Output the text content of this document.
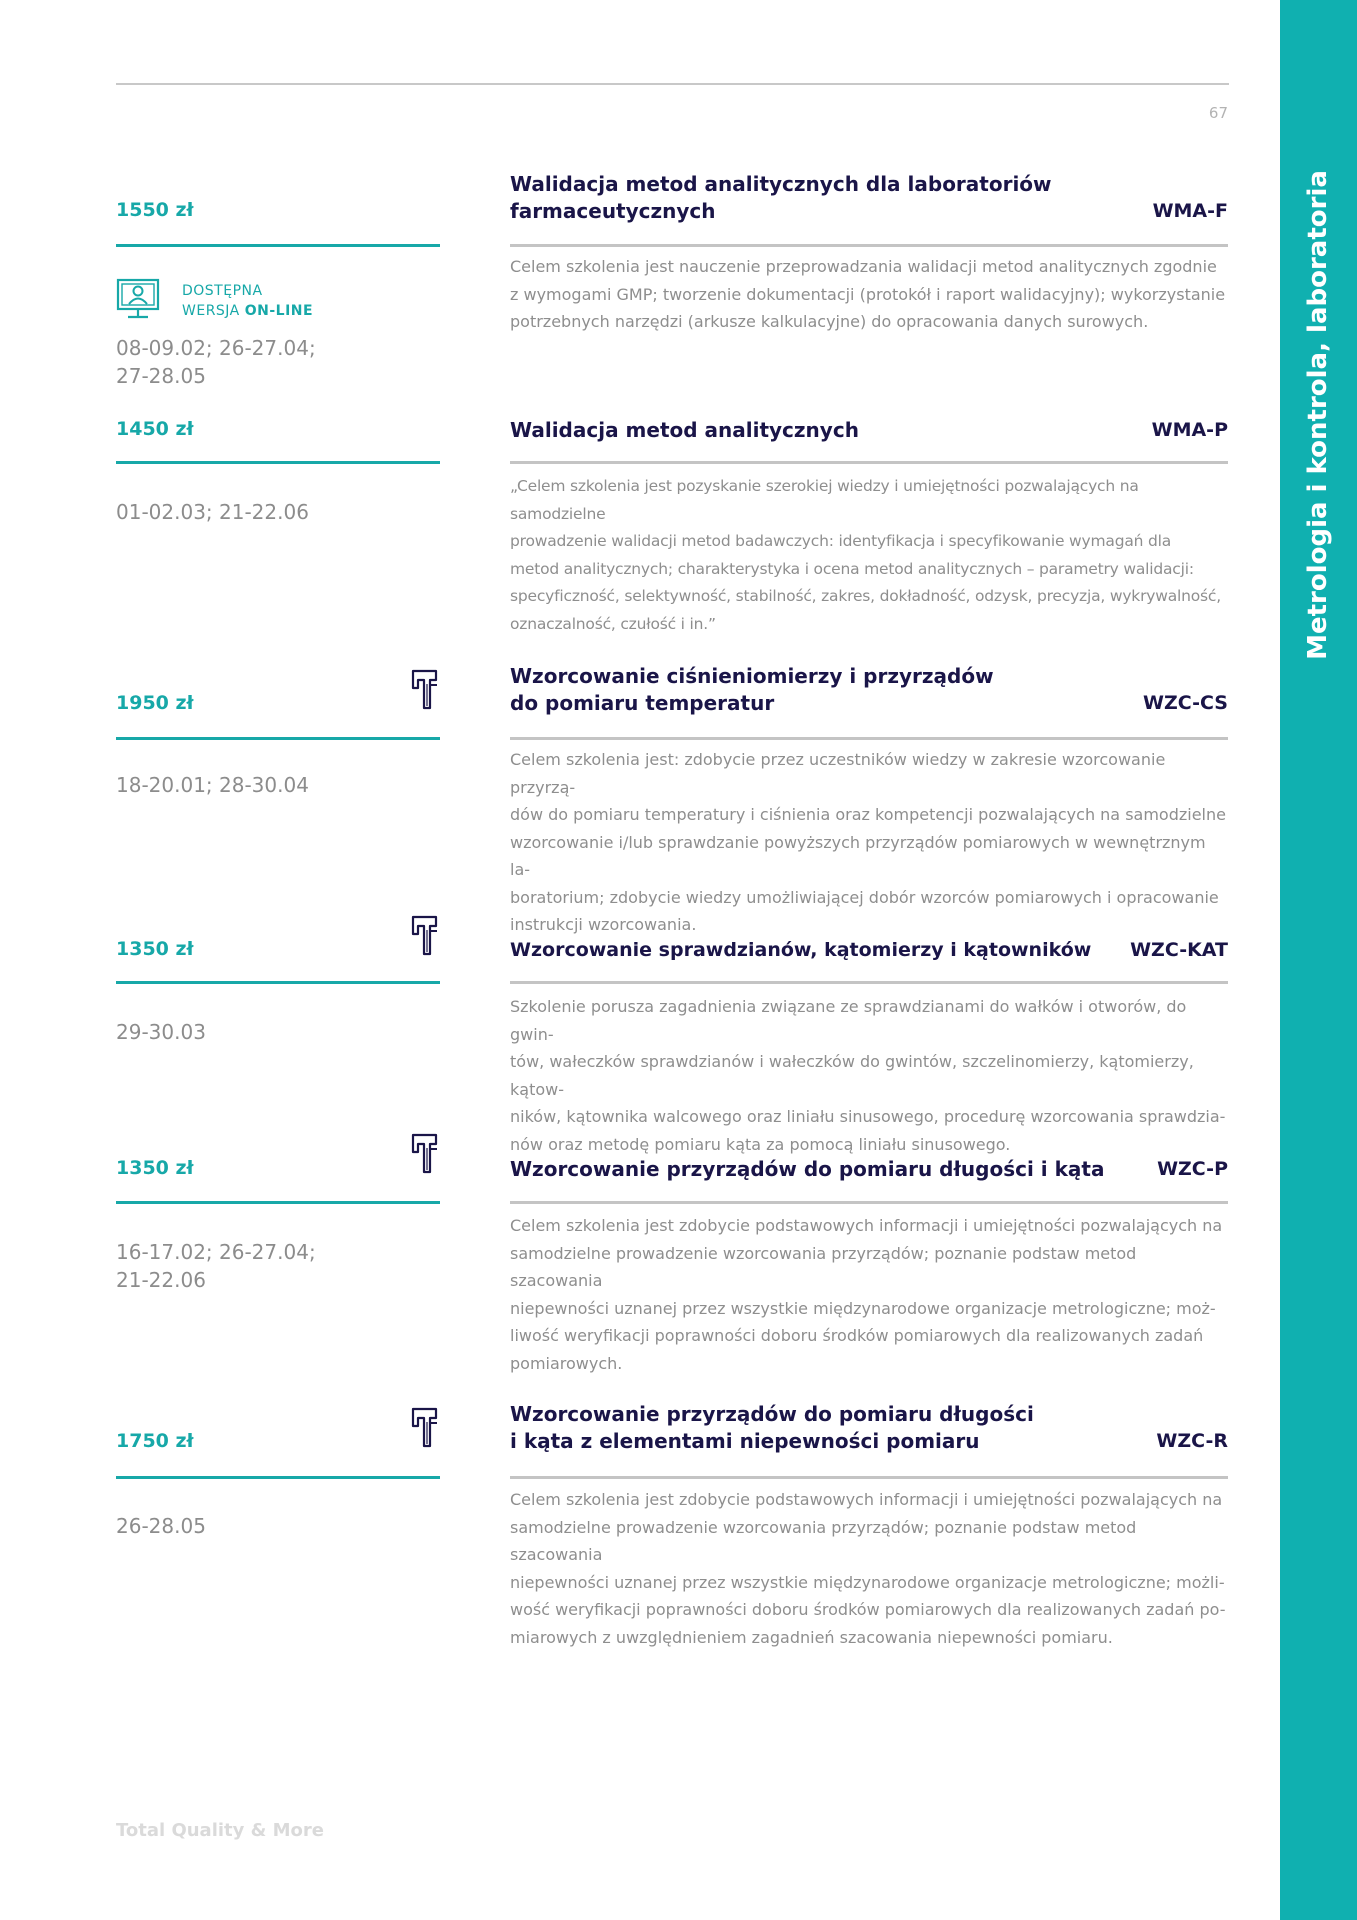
67
Metrologia i kontrola, laboratoria
1550 zł
Walidacja metod analitycznych dla laboratoriów
farmaceutycznych	WMA-F
Celem szkolenia jest nauczenie przeprowadzania walidacji metod analitycznych zgodnie
z wymogami GMP; tworzenie dokumentacji (protokół i raport walidacyjny); wykorzystanie
potrzebnych narzędzi (arkusze kalkulacyjne) do opracowania danych surowych.
DOSTĘPNA
WERSJA ON-LINE
08-09.02; 26-27.04;
27-28.05
1450 zł	Walidacja metod analitycznych	WMA-P
„Celem szkolenia jest pozyskanie szerokiej wiedzy i umiejętności pozwalających na samodzielne
prowadzenie walidacji metod badawczych: identyfikacja i specyfikowanie wymagań dla
metod analitycznych; charakterystyka i ocena metod analitycznych – parametry walidacji:
specyficzność, selektywność, stabilność, zakres, dokładność, odzysk, precyzja, wykrywalność,
oznaczalność, czułość i in.”
01-02.03; 21-22.06
1950 zł
Wzorcowanie ciśnieniomierzy i przyrządów
do pomiaru temperatur	WZC-CS
Celem szkolenia jest: zdobycie przez uczestników wiedzy w zakresie wzorcowanie przyrzą-
dów do pomiaru temperatury i ciśnienia oraz kompetencji pozwalających na samodzielne
wzorcowanie i/lub sprawdzanie powyższych przyrządów pomiarowych w wewnętrznym la-
boratorium; zdobycie wiedzy umożliwiającej dobór wzorców pomiarowych i opracowanie
instrukcji wzorcowania.
18-20.01; 28-30.04
1350 zł	Wzorcowanie sprawdzianów, kątomierzy i kątowników	WZC-KAT
Szkolenie porusza zagadnienia związane ze sprawdzianami do wałków i otworów, do gwin-
tów, wałeczków sprawdzianów i wałeczków do gwintów, szczelinomierzy, kątomierzy, kątow-
ników, kątownika walcowego oraz liniału sinusowego, procedurę wzorcowania sprawdzia-
nów oraz metodę pomiaru kąta za pomocą liniału sinusowego.
29-30.03
1350 zł	Wzorcowanie przyrządów do pomiaru długości i kąta	WZC-P
Celem szkolenia jest zdobycie podstawowych informacji i umiejętności pozwalających na
samodzielne prowadzenie wzorcowania przyrządów; poznanie podstaw metod szacowania
niepewności uznanej przez wszystkie międzynarodowe organizacje metrologiczne; moż-
liwość weryfikacji poprawności doboru środków pomiarowych dla realizowanych zadań
pomiarowych.
16-17.02; 26-27.04;
21-22.06
1750 zł
Wzorcowanie przyrządów do pomiaru długości
i kąta z elementami niepewności pomiaru	WZC-R
Celem szkolenia jest zdobycie podstawowych informacji i umiejętności pozwalających na
samodzielne prowadzenie wzorcowania przyrządów; poznanie podstaw metod szacowania
niepewności uznanej przez wszystkie międzynarodowe organizacje metrologiczne; możli-
wość weryfikacji poprawności doboru środków pomiarowych dla realizowanych zadań po-
miarowych z uwzględnieniem zagadnień szacowania niepewności pomiaru.
26-28.05
Total Quality & More
